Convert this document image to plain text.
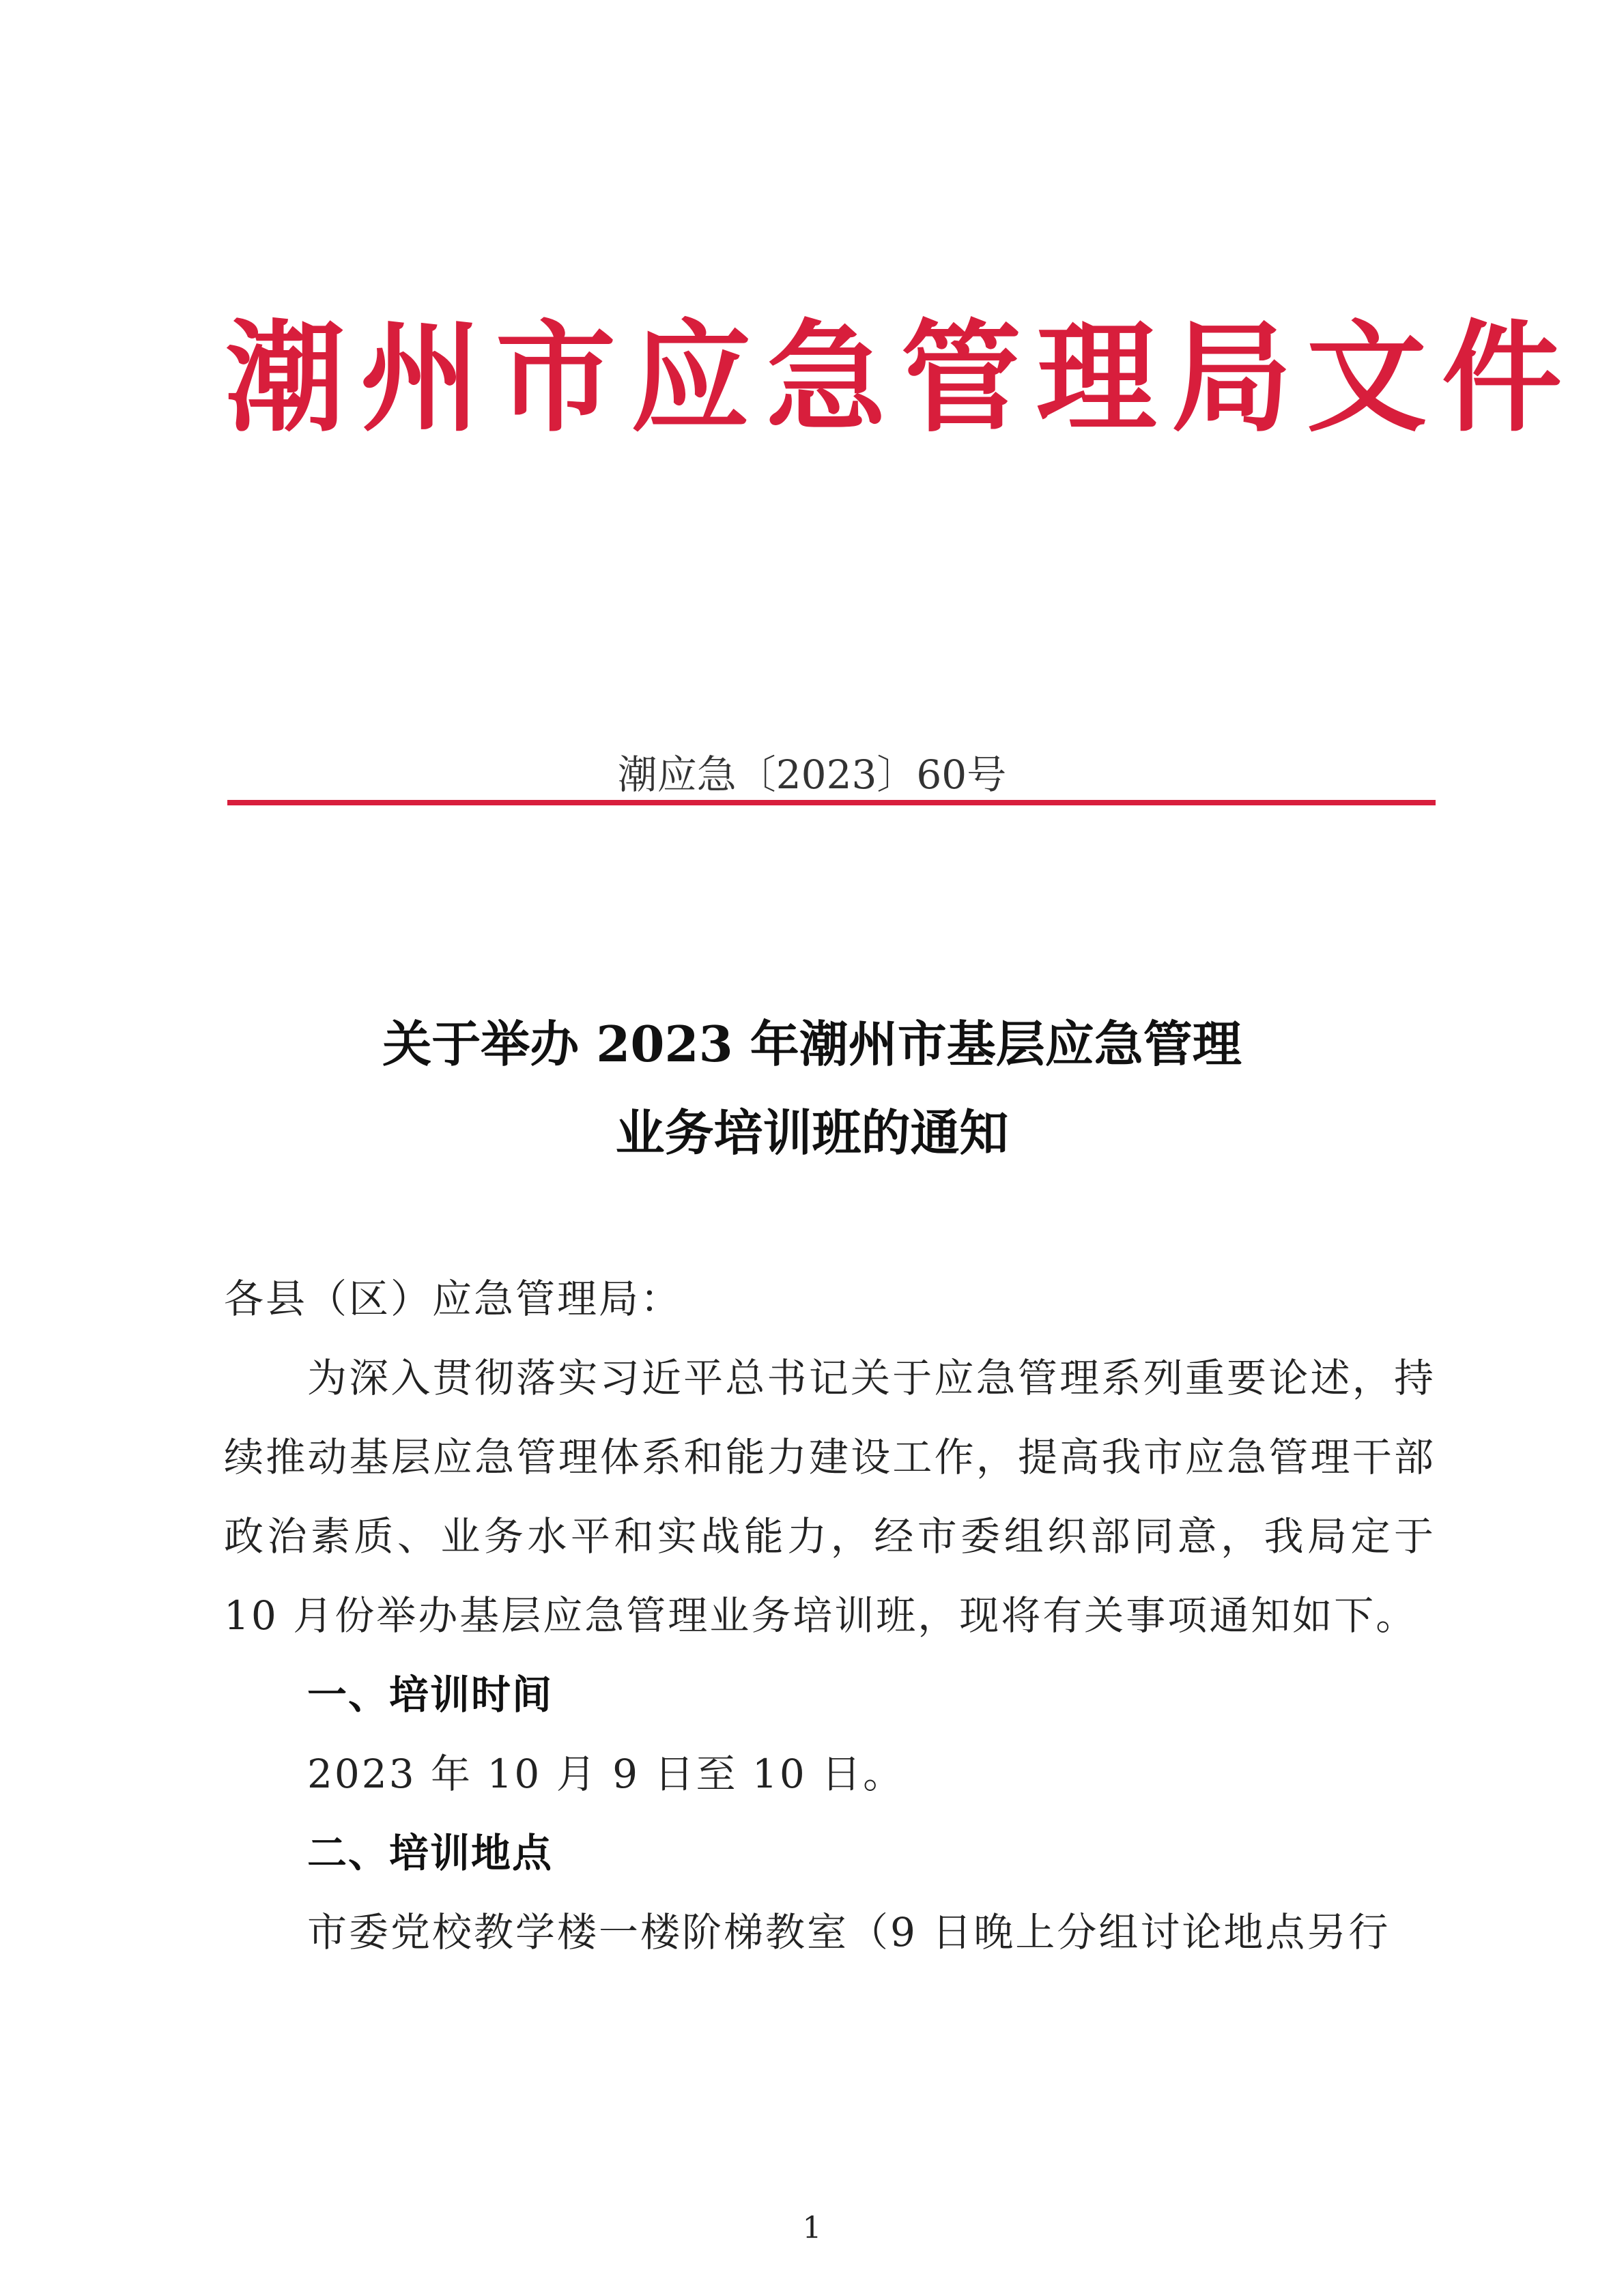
潮州市应急管理局文件
潮应急〔2023〕60号
关于举办 2023 年潮州市基层应急管理
业务培训班的通知

各县（区）应急管理局：

为深入贯彻落实习近平总书记关于应急管理系列重要论述，持续推动基层应急管理体系和能力建设工作，提高我市应急管理干部政治素质、业务水平和实战能力，经市委组织部同意，我局定于 10 月份举办基层应急管理业务培训班，现将有关事项通知如下。

一、培训时间

2023 年 10 月 9 日至 10 日。

二、培训地点

市委党校教学楼一楼阶梯教室（9 日晚上分组讨论地点另行

1
